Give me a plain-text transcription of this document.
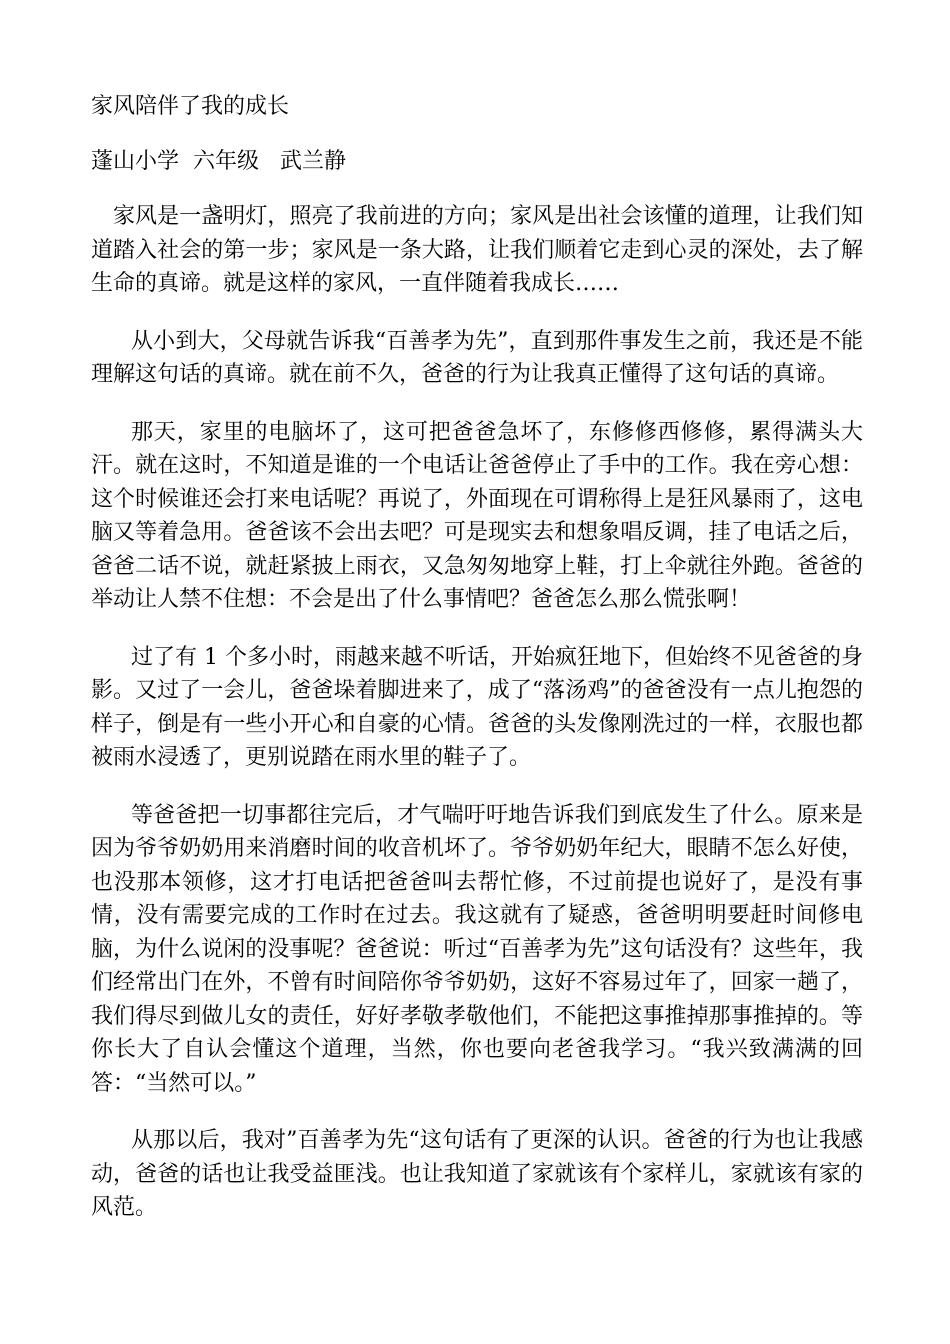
家风陪伴了我的成长
蓬山小学  六年级   武兰静

家风是一盏明灯，照亮了我前进的方向；家风是出社会该懂的道理，让我们知道踏入社会的第一步；家风是一条大路，让我们顺着它走到心灵的深处，去了解生命的真谛。就是这样的家风，一直伴随着我成长……

从小到大，父母就告诉我“百善孝为先”，直到那件事发生之前，我还是不能理解这句话的真谛。就在前不久，爸爸的行为让我真正懂得了这句话的真谛。

那天，家里的电脑坏了，这可把爸爸急坏了，东修修西修修，累得满头大汗。就在这时，不知道是谁的一个电话让爸爸停止了手中的工作。我在旁心想：这个时候谁还会打来电话呢？再说了，外面现在可谓称得上是狂风暴雨了，这电脑又等着急用。爸爸该不会出去吧？可是现实去和想象唱反调，挂了电话之后，爸爸二话不说，就赶紧披上雨衣，又急匆匆地穿上鞋，打上伞就往外跑。爸爸的举动让人禁不住想：不会是出了什么事情吧？爸爸怎么那么慌张啊！

过了有 1 个多小时，雨越来越不听话，开始疯狂地下，但始终不见爸爸的身影。又过了一会儿，爸爸垛着脚进来了，成了“落汤鸡”的爸爸没有一点儿抱怨的样子，倒是有一些小开心和自豪的心情。爸爸的头发像刚洗过的一样，衣服也都被雨水浸透了，更别说踏在雨水里的鞋子了。

等爸爸把一切事都往完后，才气喘吁吁地告诉我们到底发生了什么。原来是因为爷爷奶奶用来消磨时间的收音机坏了。爷爷奶奶年纪大，眼睛不怎么好使，也没那本领修，这才打电话把爸爸叫去帮忙修，不过前提也说好了，是没有事情，没有需要完成的工作时在过去。我这就有了疑惑，爸爸明明要赶时间修电脑，为什么说闲的没事呢？爸爸说：听过“百善孝为先”这句话没有？这些年，我们经常出门在外，不曾有时间陪你爷爷奶奶，这好不容易过年了，回家一趟了，我们得尽到做儿女的责任，好好孝敬孝敬他们，不能把这事推掉那事推掉的。等你长大了自认会懂这个道理，当然，你也要向老爸我学习。“我兴致满满的回答：“当然可以。”

从那以后，我对”百善孝为先“这句话有了更深的认识。爸爸的行为也让我感动，爸爸的话也让我受益匪浅。也让我知道了家就该有个家样儿，家就该有家的风范。
